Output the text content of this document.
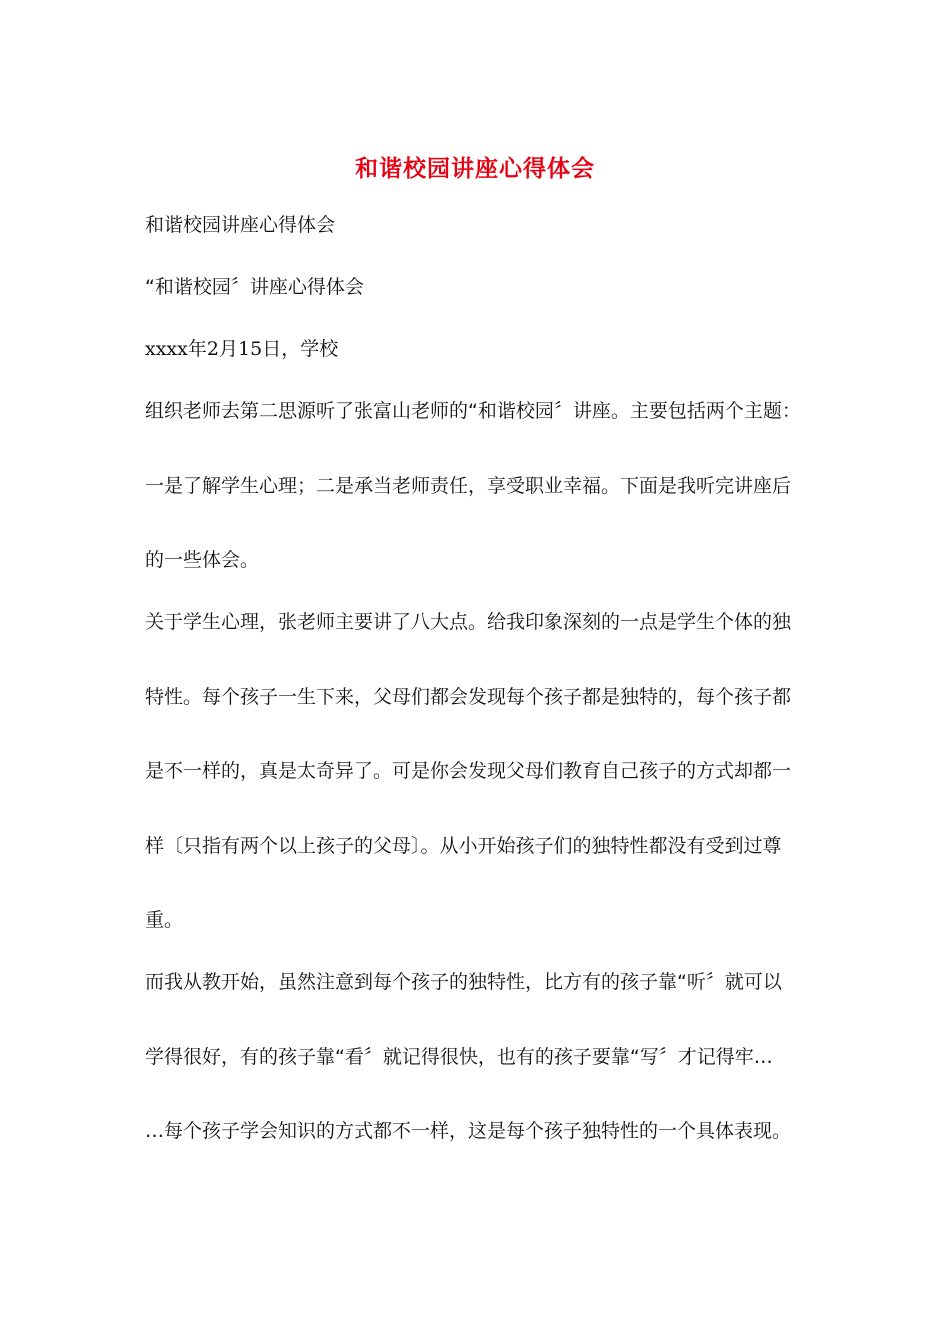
和谐校园讲座心得体会
和谐校园讲座心得体会
“和谐校园〞讲座心得体会
xxxx年2月15日，学校
组织老师去第二思源听了张富山老师的“和谐校园〞讲座。主要包括两个主题：
一是了解学生心理；二是承当老师责任，享受职业幸福。下面是我听完讲座后
的一些体会。
关于学生心理，张老师主要讲了八大点。给我印象深刻的一点是学生个体的独
特性。每个孩子一生下来，父母们都会发现每个孩子都是独特的，每个孩子都
是不一样的，真是太奇异了。可是你会发现父母们教育自己孩子的方式却都一
样〔只指有两个以上孩子的父母〕。从小开始孩子们的独特性都没有受到过尊
重。
而我从教开始，虽然注意到每个孩子的独特性，比方有的孩子靠“听〞就可以
学得很好，有的孩子靠“看〞就记得很快，也有的孩子要靠“写〞才记得牢…
…每个孩子学会知识的方式都不一样，这是每个孩子独特性的一个具体表现。
